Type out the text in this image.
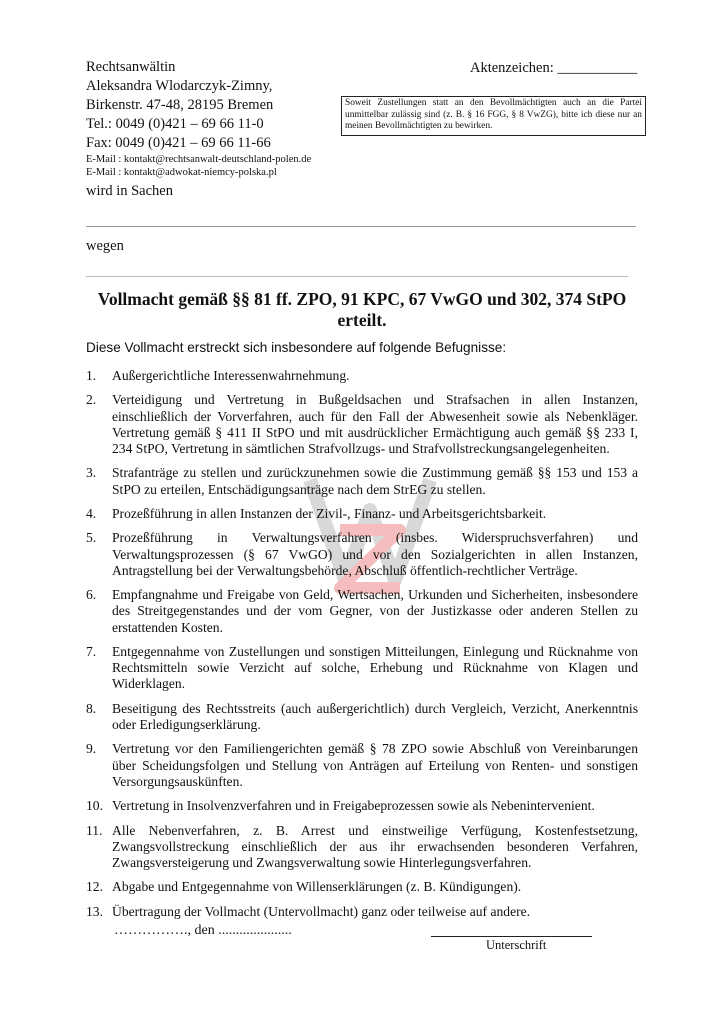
Rechtsanwältin
Aleksandra Wlodarczyk-Zimny,
Birkenstr. 47-48, 28195 Bremen
Tel.: 0049 (0)421 – 69 66 11-0
Fax: 0049 (0)421 – 69 66 11-66
E-Mail : kontakt@rechtsanwalt-deutschland-polen.de
E-Mail : kontakt@adwokat-niemcy-polska.pl
Aktenzeichen: ___________
Soweit Zustellungen statt an den Bevollmächtigten auch an die Partei unmittelbar zulässig sind (z. B. § 16 FGG, § 8 VwZG), bitte ich diese nur an meinen Bevollmächtigten zu bewirken.
wird in Sachen
wegen
Vollmacht gemäß §§ 81 ff. ZPO, 91 KPC, 67 VwGO und 302, 374 StPO erteilt.
Diese Vollmacht erstreckt sich insbesondere auf folgende Befugnisse:
1. Außergerichtliche Interessenwahrnehmung.
2. Verteidigung und Vertretung in Bußgeldsachen und Strafsachen in allen Instanzen, einschließlich der Vorverfahren, auch für den Fall der Abwesenheit sowie als Nebenkläger. Vertretung gemäß § 411 II StPO und mit ausdrücklicher Ermächtigung auch gemäß §§ 233 I, 234 StPO, Vertretung in sämtlichen Strafvollzugs- und Strafvollstreckungsangelegenheiten.
3. Strafanträge zu stellen und zurückzunehmen sowie die Zustimmung gemäß §§ 153 und 153 a StPO zu erteilen, Entschädigungsanträge nach dem StrEG zu stellen.
4. Prozeßführung in allen Instanzen der Zivil-, Finanz- und Arbeitsgerichtsbarkeit.
5. Prozeßführung in Verwaltungsverfahren (insbes. Widerspruchsverfahren) und Verwaltungsprozessen (§ 67 VwGO) und vor den Sozialgerichten in allen Instanzen, Antragstellung bei der Verwaltungsbehörde, Abschluß öffentlich-rechtlicher Verträge.
6. Empfangnahme und Freigabe von Geld, Wertsachen, Urkunden und Sicherheiten, insbesondere des Streitgegenstandes und der vom Gegner, von der Justizkasse oder anderen Stellen zu erstattenden Kosten.
7. Entgegennahme von Zustellungen und sonstigen Mitteilungen, Einlegung und Rücknahme von Rechtsmitteln sowie Verzicht auf solche, Erhebung und Rücknahme von Klagen und Widerklagen.
8. Beseitigung des Rechtsstreits (auch außergerichtlich) durch Vergleich, Verzicht, Anerkenntnis oder Erledigungserklärung.
9. Vertretung vor den Familiengerichten gemäß § 78 ZPO sowie Abschluß von Vereinbarungen über Scheidungsfolgen und Stellung von Anträgen auf Erteilung von Renten- und sonstigen Versorgungsauskünften.
10. Vertretung in Insolvenzverfahren und in Freigabeprozessen sowie als Nebenintervenient.
11. Alle Nebenverfahren, z. B. Arrest und einstweilige Verfügung, Kostenfestsetzung, Zwangsvollstreckung einschließlich der aus ihr erwachsenden besonderen Verfahren, Zwangsversteigerung und Zwangsverwaltung sowie Hinterlegungsverfahren.
12. Abgabe und Entgegennahme von Willenserklärungen (z. B. Kündigungen).
13. Übertragung der Vollmacht (Untervollmacht) ganz oder teilweise auf andere.
……………., den .....................
Unterschrift
